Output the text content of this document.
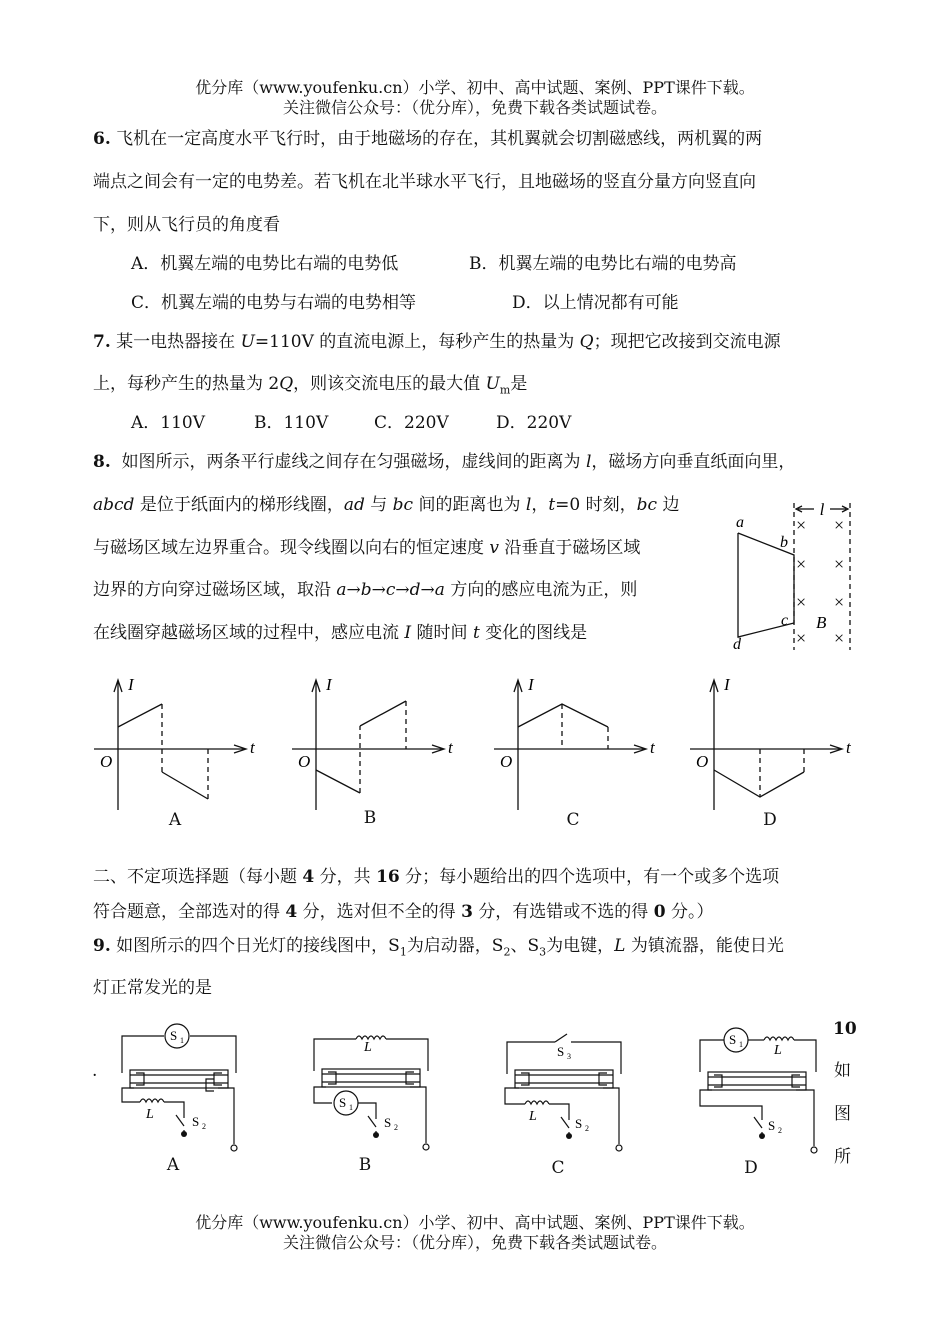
优分库（www.youfenku.cn）小学、初中、高中试题、案例、PPT课件下载。
关注微信公众号：（优分库），免费下载各类试题试卷。
6. 飞机在一定高度水平飞行时，由于地磁场的存在，其机翼就会切割磁感线，两机翼的两
端点之间会有一定的电势差。若飞机在北半球水平飞行，且地磁场的竖直分量方向竖直向
下，则从飞行员的角度看
A．机翼左端的电势比右端的电势低	B．机翼左端的电势比右端的电势高
C．机翼左端的电势与右端的电势相等	D．以上情况都有可能
7. 某一电热器接在 U=110V 的直流电源上，每秒产生的热量为 Q；现把它改接到交流电源
上，每秒产生的热量为 2Q，则该交流电压的最大值 $U_m$是
A．110V	B．110V	C．220V	D．220V
8. 如图所示，两条平行虚线之间存在匀强磁场，虚线间的距离为 l，磁场方向垂直纸面向里，
abcd 是位于纸面内的梯形线圈，ad 与 bc 间的距离也为 l，t=0 时刻，bc 边
与磁场区域左边界重合。现令线圈以向右的恒定速度 v 沿垂直于磁场区域
边界的方向穿过磁场区域，取沿 a→b→c→d→a 方向的感应电流为正，则
在线圈穿越磁场区域的过程中，感应电流 I 随时间 t 变化的图线是
l
a
b
c
d
B
× ×
× ×
× ×
× ×
I
t
O
A
I
t
O
B
I
t
O
C
I
t
O
D
二、不定项选择题（每小题 4 分，共 16 分；每小题给出的四个选项中，有一个或多个选项
符合题意，全部选对的得 4 分，选对但不全的得 3 分，有选错或不选的得 0 分。）
9. 如图所示的四个日光灯的接线图中，$S_1$为启动器，$S_2$、$S_3$为电键，L 为镇流器，能使日光
灯正常发光的是
.
S 1
L	S 2
A
L
S 1
S 2
B
S 3
L	S 2
C
S 1 L
S 2
D
10
如
图
所
优分库（www.youfenku.cn）小学、初中、高中试题、案例、PPT课件下载。
关注微信公众号：（优分库），免费下载各类试题试卷。
